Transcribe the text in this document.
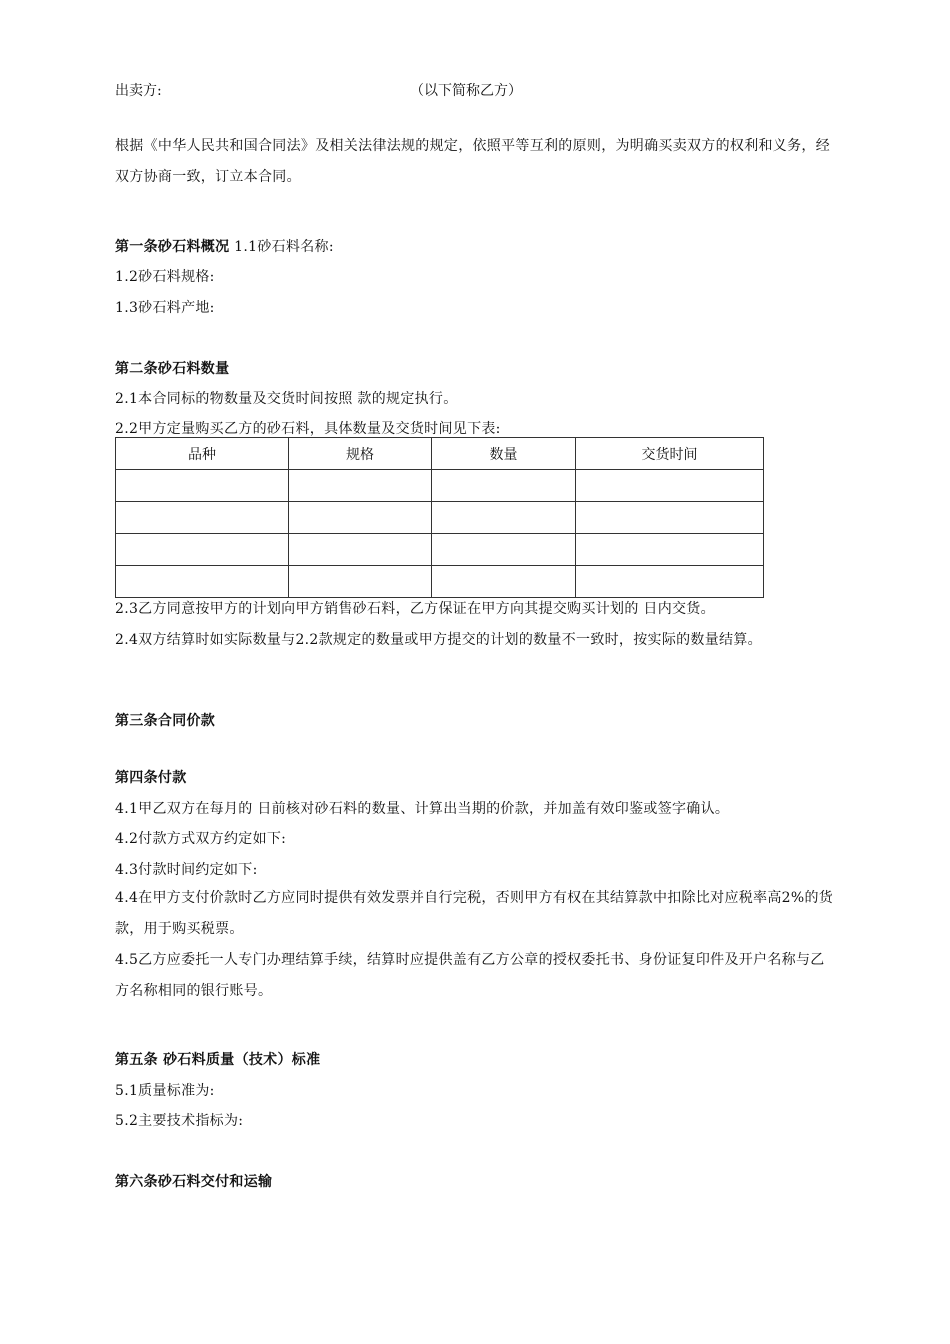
出卖方:	（以下简称乙方）
根据《中华人民共和国合同法》及相关法律法规的规定，依照平等互利的原则，为明确买卖双方的权利和义务，经双方协商一致，订立本合同。
第一条砂石料概况 1.1砂石料名称:
1.2砂石料规格:
1.3砂石料产地:
第二条砂石料数量
2.1本合同标的物数量及交货时间按照 款的规定执行。
2.2甲方定量购买乙方的砂石料，具体数量及交货时间见下表:
品种	规格	数量	交货时间

2.3乙方同意按甲方的计划向甲方销售砂石料，乙方保证在甲方向其提交购买计划的 日内交货。
2.4双方结算时如实际数量与2.2款规定的数量或甲方提交的计划的数量不一致时，按实际的数量结算。
第三条合同价款
第四条付款
4.1甲乙双方在每月的 日前核对砂石料的数量、计算出当期的价款，并加盖有效印鉴或签字确认。
4.2付款方式双方约定如下:
4.3付款时间约定如下:
4.4在甲方支付价款时乙方应同时提供有效发票并自行完税，否则甲方有权在其结算款中扣除比对应税率高2%的货款，用于购买税票。
4.5乙方应委托一人专门办理结算手续，结算时应提供盖有乙方公章的授权委托书、身份证复印件及开户名称与乙方名称相同的银行账号。
第五条 砂石料质量（技术）标准
5.1质量标准为:
5.2主要技术指标为:
第六条砂石料交付和运输
